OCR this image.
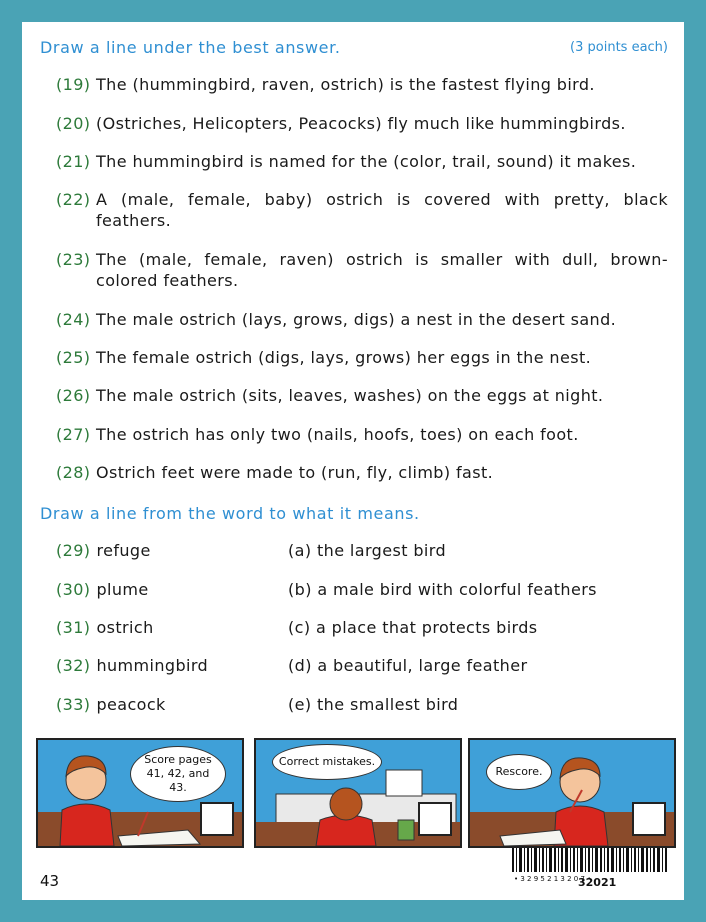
Draw a line under the best answer.	(3 points each)
(19) The (hummingbird, raven, ostrich) is the fastest flying bird.
(20) (Ostriches, Helicopters, Peacocks) fly much like hummingbirds.
(21) The hummingbird is named for the (color, trail, sound) it makes.
(22) A (male, female, baby) ostrich is covered with pretty, black feathers.
(23) The (male, female, raven) ostrich is smaller with dull, brown-colored feathers.
(24) The male ostrich (lays, grows, digs) a nest in the desert sand.
(25) The female ostrich (digs, lays, grows) her eggs in the nest.
(26) The male ostrich (sits, leaves, washes) on the eggs at night.
(27) The ostrich has only two (nails, hoofs, toes) on each foot.
(28) Ostrich feet were made to (run, fly, climb) fast.
Draw a line from the word to what it means.
(29) refuge
(30) plume
(31) ostrich
(32) hummingbird
(33) peacock
(a) the largest bird
(b) a male bird with colorful feathers
(c) a place that protects birds
(d) a beautiful, large feather
(e) the smallest bird
Score pages 41, 42, and 43.
Correct mistakes.
Rescore.
43	• 3 2 9 5 2 1 3 2 0 7 •
32021
